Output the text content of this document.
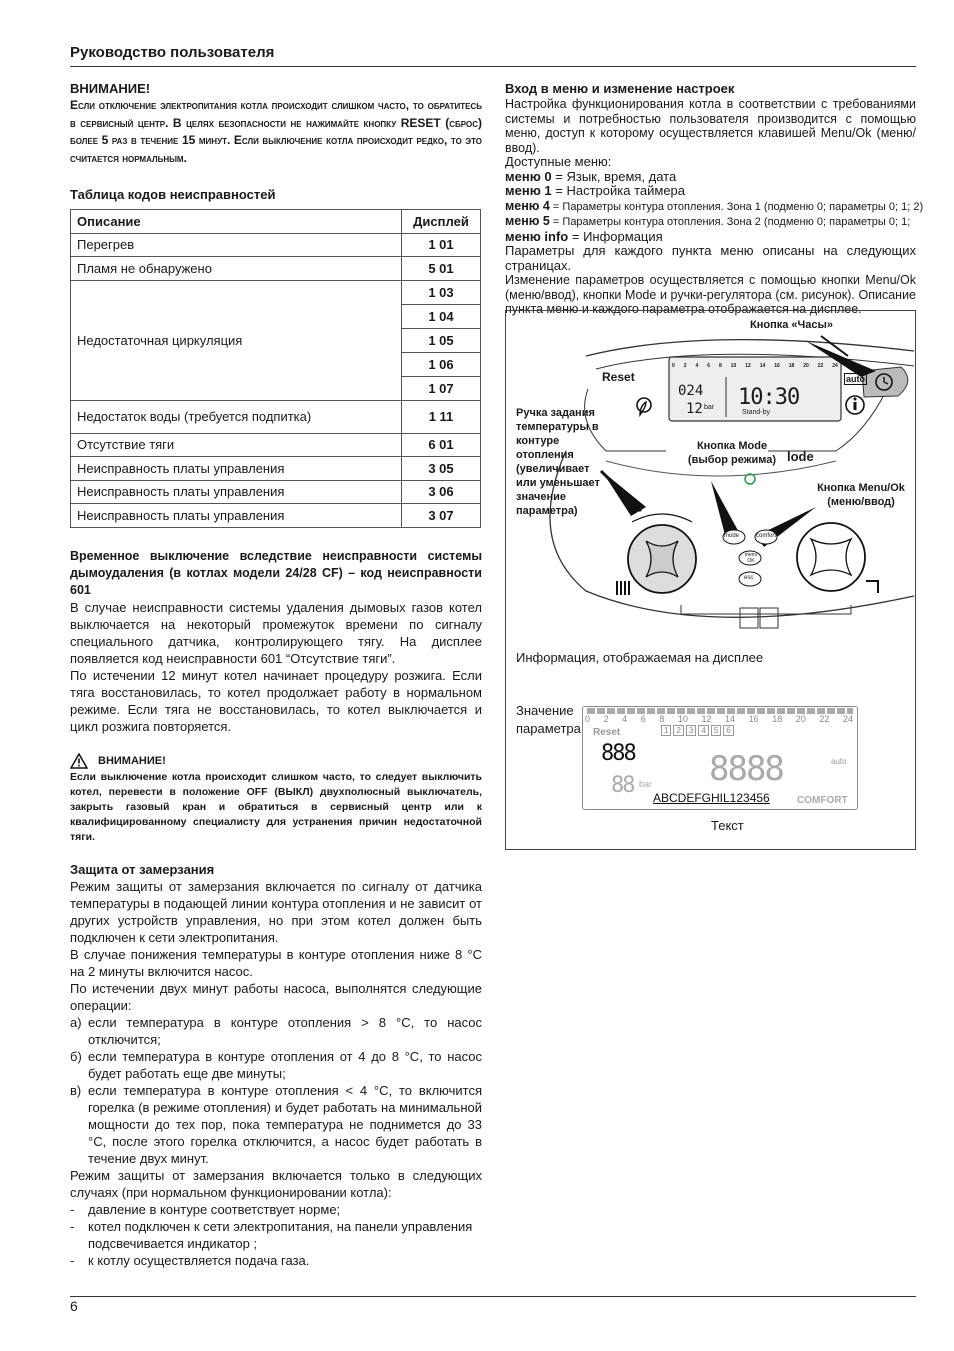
Руководство пользователя

ВНИМАНИЕ!

Если отключение электропитания котла происходит слишком часто, то обратитесь в сервисный центр. В целях безопасности не нажимайте кнопку RESET (сброс) более 5 раз в течение 15 минут. Если выключение котла происходит редко, то это считается нормальным.

Таблица кодов неисправностей

Описание	Дисплей
Перегрев	1 01
Пламя не обнаружено	5 01
Недостаточная циркуляция	1 03
	1 04
	1 05
	1 06
	1 07
Недостаток воды (требуется подпитка)	1 11
Отсутствие тяги	6 01
Неисправность платы управления	3 05
Неисправность платы управления	3 06
Неисправность платы управления	3 07

Временное выключение вследствие неисправности системы дымоудаления (в котлах модели 24/28 CF) – код неисправности 601

В случае неисправности системы удаления дымовых газов котел выключается на некоторый промежуток времени по сигналу специального датчика, контролирующего тягу. На дисплее появляется код неисправности 601 “Отсутствие тяги”.

По истечении 12 минут котел начинает процедуру розжига. Если тяга восстановилась, то котел продолжает работу в нормальном режиме. Если тяга не восстановилась, то котел выключается и цикл розжига повторяется.

ВНИМАНИЕ!

Если выключение котла происходит слишком часто, то следует выключить котел, перевести в положение OFF (ВЫКЛ) двухполюсный выключатель, закрыть газовый кран и обратиться в сервисный центр или к квалифицированному специалисту для устранения причин недостаточной тяги.

Защита от замерзания

Режим защиты от замерзания включается по сигналу от датчика температуры в подающей линии контура отопления и не зависит от других устройств управления, но при этом котел должен быть подключен к сети электропитания.

В случае понижения температуры в контуре отопления ниже 8 °C на 2 минуты включится насос.

По истечении двух минут работы насоса, выполнятся следующие операции:

а) если температура в контуре отопления > 8 °C, то насос отключится;
б) если температура в контуре отопления от 4 до 8 °C, то насос будет работать еще две минуты;
в) если температура в контуре отопления < 4 °C, то включится горелка (в режиме отопления) и будет работать на минимальной мощности до тех пор, пока температура не поднимется до 33 °C, после этого горелка отключится, а насос будет работать в течение двух минут.

Режим защиты от замерзания включается только в следующих случаях (при нормальном функционировании котла):

-	давление в контуре соответствует норме;
-	котел подключен к сети электропитания, на панели управления подсвечивается индикатор ;
-	к котлу осуществляется подача газа.

Вход в меню и изменение настроек

Настройка функционирования котла в соответствии с требованиями системы и потребностью пользователя производится с помощью меню, доступ к которому осуществляется клавишей Menu/Ok (меню/ввод).

Доступные меню:

меню 0 = Язык, время, дата
меню 1 = Настройка таймера
меню 4 = Параметры контура отопления. Зона 1 (подменю 0; параметры 0; 1; 2)
меню 5 = Параметры контура отопления. Зона 2 (подменю 0; параметры 0; 1;
меню info = Информация

Параметры для каждого пункта меню описаны на следующих страницах.

Изменение параметров осуществляется с помощью кнопки Menu/Ok (меню/ввод), кнопки Mode и ручки-регулятора (см. рисунок). Описание пункта меню и каждого параметра отображается на дисплее.

024
12 bar 10:30
Stand-by
Reset	auto
lode
mode	comfort
menu OK
esc
0 2 4 6 8 10 12 14 16 18 20 22 24
Кнопка «Часы»
Ручка задания температуры в контуре отопления (увеличивает или уменьшает значение параметра)
Кнопка Mode (выбор режима)
Кнопка Menu/Ok (меню/ввод)
Информация, отображаемая на дисплее
Значение параметра
Текст
0 2 4 6 8 10 12 14 16 18 20 22 24
1	2	3	4	5	6
Reset
888 8888
88 bar
auto
ABCDEFGHIL123456	COMFORT
6
